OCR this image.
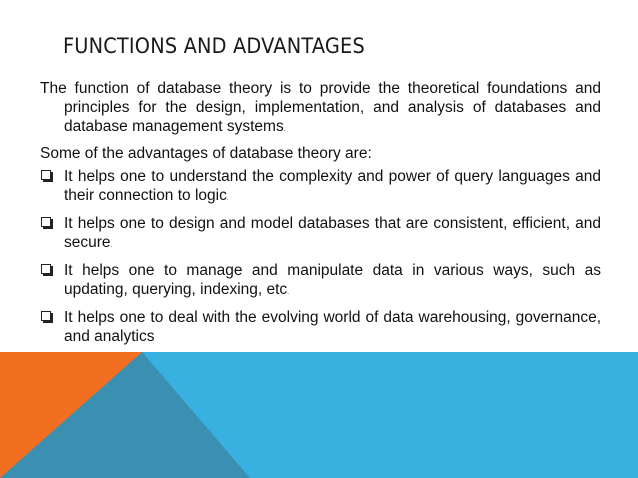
FUNCTIONS AND ADVANTAGES

The function of database theory is to provide the theoretical foundations and principles for the design, implementation, and analysis of databases and database management systems.

Some of the advantages of database theory are:

It helps one to understand the complexity and power of query languages and their connection to logic.
It helps one to design and model databases that are consistent, efficient, and secure.
It helps one to manage and manipulate data in various ways, such as updating, querying, indexing, etc.
It helps one to deal with the evolving world of data warehousing, governance, and analytics
